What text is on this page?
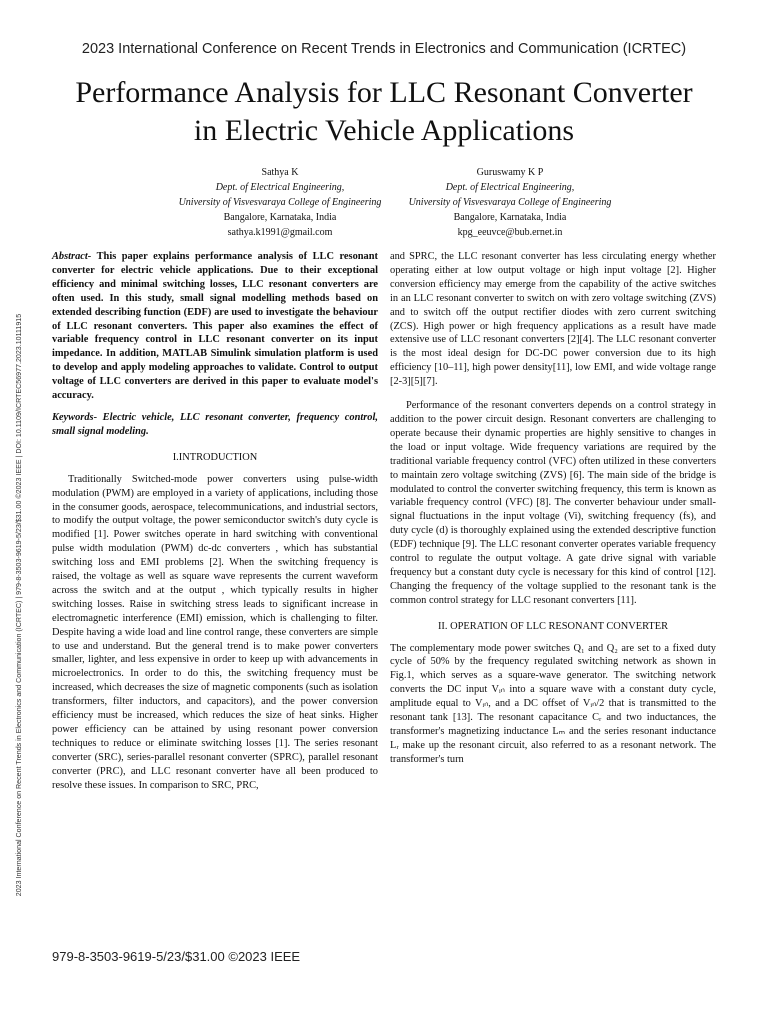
2023 International Conference on Recent Trends in Electronics and Communication (ICRTEC)
Performance Analysis for LLC Resonant Converter
in Electric Vehicle Applications
Sathya K
Dept. of Electrical Engineering,
University of Visvesvaraya College of Engineering
Bangalore, Karnataka, India
sathya.k1991@gmail.com
Guruswamy K P
Dept. of Electrical Engineering,
University of Visvesvaraya College of Engineering
Bangalore, Karnataka, India
kpg_eeuvce@bub.ernet.in
2023 International Conference on Recent Trends in Electronics and Communication (ICRTEC) | 979-8-3503-9619-5/23/$31.00 ©2023 IEEE | DOI: 10.1109/ICRTEC56977.2023.10111915

Abstract- This paper explains performance analysis of LLC resonant converter for electric vehicle applications. Due to their exceptional efficiency and minimal switching losses, LLC resonant converters are often used. In this study, small signal modelling methods based on extended describing function (EDF) are used to investigate the behaviour of LLC resonant converters. This paper also examines the effect of variable frequency control in LLC resonant converter on its input impedance. In addition, MATLAB Simulink simulation platform is used to develop and apply modeling approaches to validate. Control to output voltage of LLC converters are derived in this paper to evaluate model's accuracy.

Keywords- Electric vehicle, LLC resonant converter, frequency control, small signal modeling.

I.INTRODUCTION

Traditionally Switched-mode power converters using pulse-width modulation (PWM) are employed in a variety of applications, including those in the consumer goods, aerospace, telecommunications, and industrial sectors, to modify the output voltage, the power semiconductor switch's duty cycle is modified [1]. Power switches operate in hard switching with conventional pulse width modulation (PWM) dc-dc converters , which has substantial switching loss and EMI problems [2]. When the switching frequency is raised, the voltage as well as square wave represents the current waveform across the switch and at the output , which typically results in higher switching losses. Raise in switching stress leads to significant increase in electromagnetic interference (EMI) emission, which is challenging to filter. Despite having a wide load and line control range, these converters are simple to use and understand. But the general trend is to make power converters smaller, lighter, and less expensive in order to keep up with advancements in microelectronics. In order to do this, the switching frequency must be increased, which decreases the size of magnetic components (such as isolation transformers, filter inductors, and capacitors), and the power conversion efficiency must be increased, which reduces the size of heat sinks. Higher power efficiency can be attained by using resonant power conversion techniques to reduce or eliminate switching losses [1]. The series resonant converter (SRC), series-parallel resonant converter (SPRC), parallel resonant converter (PRC), and LLC resonant converter have all been produced to resolve these issues. In comparison to SRC, PRC,

and SPRC, the LLC resonant converter has less circulating energy whether operating either at low output voltage or high input voltage [2]. Higher conversion efficiency may emerge from the capability of the active switches in an LLC resonant converter to switch on with zero voltage switching (ZVS) and to switch off the output rectifier diodes with zero current switching (ZCS). High power or high frequency applications as a result have made extensive use of LLC resonant converters [2][4]. The LLC resonant converter is the most ideal design for DC-DC power conversion due to its high efficiency [10–11], high power density[11], low EMI, and wide voltage range [2-3][5][7].

Performance of the resonant converters depends on a control strategy in addition to the power circuit design. Resonant converters are challenging to operate because their dynamic properties are highly sensitive to changes in the load or input voltage. Wide frequency variations are required by the traditional variable frequency control (VFC) often utilized in these converters to maintain zero voltage switching (ZVS) [6]. The main side of the bridge is modulated to control the converter switching frequency, this term is known as variable frequency control (VFC) [8]. The converter behaviour under small-signal fluctuations in the input voltage (Vi), switching frequency (fs), and duty cycle (d) is thoroughly explained using the extended descriptive function (EDF) technique [9]. The LLC resonant converter operates variable frequency control to regulate the output voltage. A gate drive signal with variable frequency but a constant duty cycle is necessary for this kind of control [12]. Changing the frequency of the voltage supplied to the resonant tank is the common control strategy for LLC resonant converters [11].

II. OPERATION OF LLC RESONANT CONVERTER

The complementary mode power switches Q₁ and Q₂ are set to a fixed duty cycle of 50% by the frequency regulated switching network as shown in Fig.1, which serves as a square-wave generator. The switching network converts the DC input Vᵢₙ into a square wave with a constant duty cycle, amplitude equal to Vᵢₙ, and a DC offset of Vᵢₙ/2 that is transmitted to the resonant tank [13]. The resonant capacitance Cᵣ and two inductances, the transformer's magnetizing inductance Lₘ and the series resonant inductance Lᵣ make up the resonant circuit, also referred to as a resonant network. The transformer's turn

979-8-3503-9619-5/23/$31.00 ©2023 IEEE
